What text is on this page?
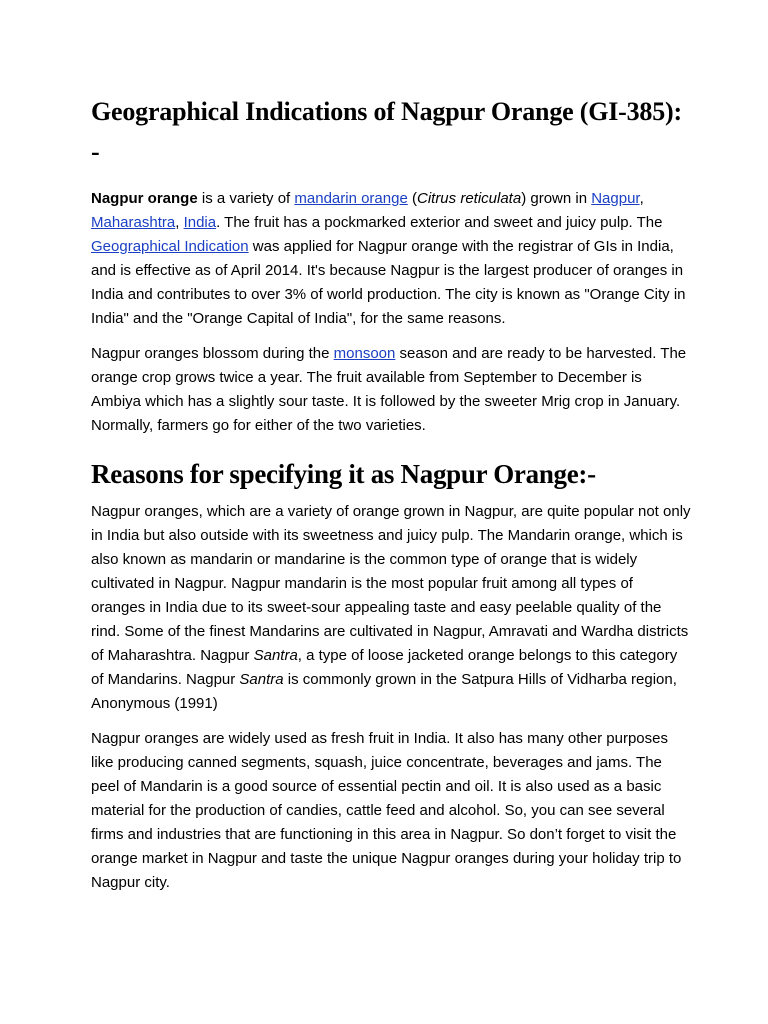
Geographical Indications of Nagpur Orange (GI-385):
-

Nagpur orange is a variety of mandarin orange (Citrus reticulata) grown in Nagpur, Maharashtra, India. The fruit has a pockmarked exterior and sweet and juicy pulp. The Geographical Indication was applied for Nagpur orange with the registrar of GIs in India, and is effective as of April 2014. It's because Nagpur is the largest producer of oranges in India and contributes to over 3% of world production. The city is known as "Orange City in India" and the "Orange Capital of India", for the same reasons.

Nagpur oranges blossom during the monsoon season and are ready to be harvested. The orange crop grows twice a year. The fruit available from September to December is Ambiya which has a slightly sour taste. It is followed by the sweeter Mrig crop in January. Normally, farmers go for either of the two varieties.

Reasons for specifying it as Nagpur Orange:-

Nagpur oranges, which are a variety of orange grown in Nagpur, are quite popular not only in India but also outside with its sweetness and juicy pulp. The Mandarin orange, which is also known as mandarin or mandarine is the common type of orange that is widely cultivated in Nagpur. Nagpur mandarin is the most popular fruit among all types of oranges in India due to its sweet-sour appealing taste and easy peelable quality of the rind. Some of the finest Mandarins are cultivated in Nagpur, Amravati and Wardha districts of Maharashtra. Nagpur Santra, a type of loose jacketed orange belongs to this category of Mandarins. Nagpur Santra is commonly grown in the Satpura Hills of Vidharba region, Anonymous (1991)

Nagpur oranges are widely used as fresh fruit in India. It also has many other purposes like producing canned segments, squash, juice concentrate, beverages and jams. The peel of Mandarin is a good source of essential pectin and oil. It is also used as a basic material for the production of candies, cattle feed and alcohol. So, you can see several firms and industries that are functioning in this area in Nagpur. So don’t forget to visit the orange market in Nagpur and taste the unique Nagpur oranges during your holiday trip to Nagpur city.
